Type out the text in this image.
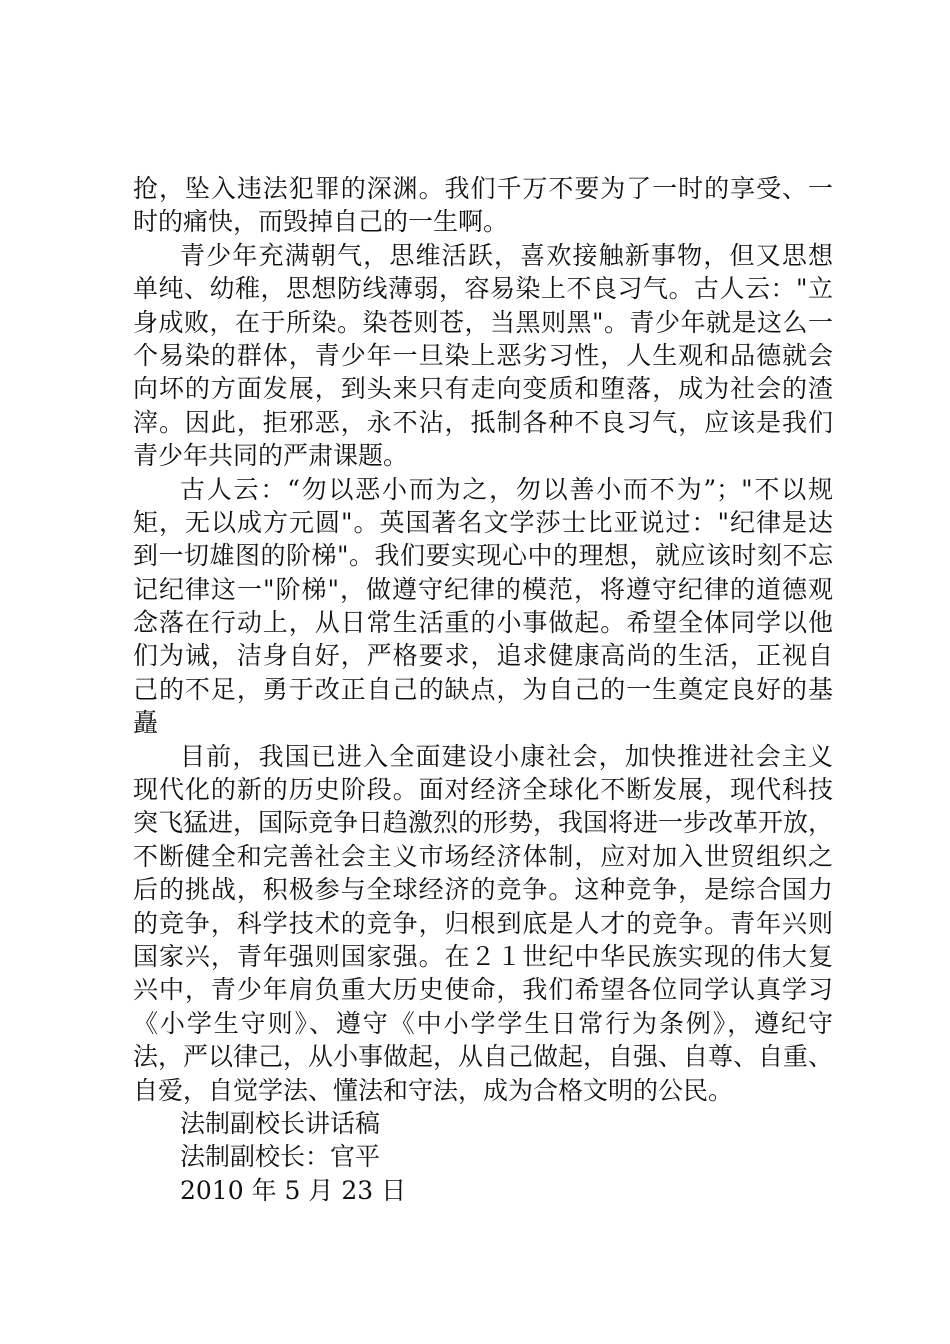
抢，坠入违法犯罪的深渊。我们千万不要为了一时的享受、一
时的痛快，而毁掉自己的一生啊。
青少年充满朝气，思维活跃，喜欢接触新事物，但又思想
单纯、幼稚，思想防线薄弱，容易染上不良习气。古人云："立
身成败，在于所染。染苍则苍，当黑则黑"。青少年就是这么一
个易染的群体，青少年一旦染上恶劣习性，人生观和品德就会
向坏的方面发展，到头来只有走向变质和堕落，成为社会的渣
滓。因此，拒邪恶，永不沾，抵制各种不良习气，应该是我们
青少年共同的严肃课题。
古人云：“勿以恶小而为之，勿以善小而不为”；"不以规
矩，无以成方元圆"。英国著名文学莎士比亚说过："纪律是达
到一切雄图的阶梯"。我们要实现心中的理想，就应该时刻不忘
记纪律这一"阶梯"，做遵守纪律的模范，将遵守纪律的道德观
念落在行动上，从日常生活重的小事做起。希望全体同学以他
们为诫，洁身自好，严格要求，追求健康高尚的生活，正视自
己的不足，勇于改正自己的缺点，为自己的一生奠定良好的基
矗
目前，我国已进入全面建设小康社会，加快推进社会主义
现代化的新的历史阶段。面对经济全球化不断发展，现代科技
突飞猛进，国际竞争日趋激烈的形势，我国将进一步改革开放，
不断健全和完善社会主义市场经济体制，应对加入世贸组织之
后的挑战，积极参与全球经济的竞争。这种竞争，是综合国力
的竞争，科学技术的竞争，归根到底是人才的竞争。青年兴则
国家兴，青年强则国家强。在２１世纪中华民族实现的伟大复
兴中，青少年肩负重大历史使命，我们希望各位同学认真学习
《小学生守则》、遵守《中小学学生日常行为条例》，遵纪守
法，严以律己，从小事做起，从自己做起，自强、自尊、自重、
自爱，自觉学法、懂法和守法，成为合格文明的公民。
法制副校长讲话稿
法制副校长：官平
2010 年 5 月 23 日
